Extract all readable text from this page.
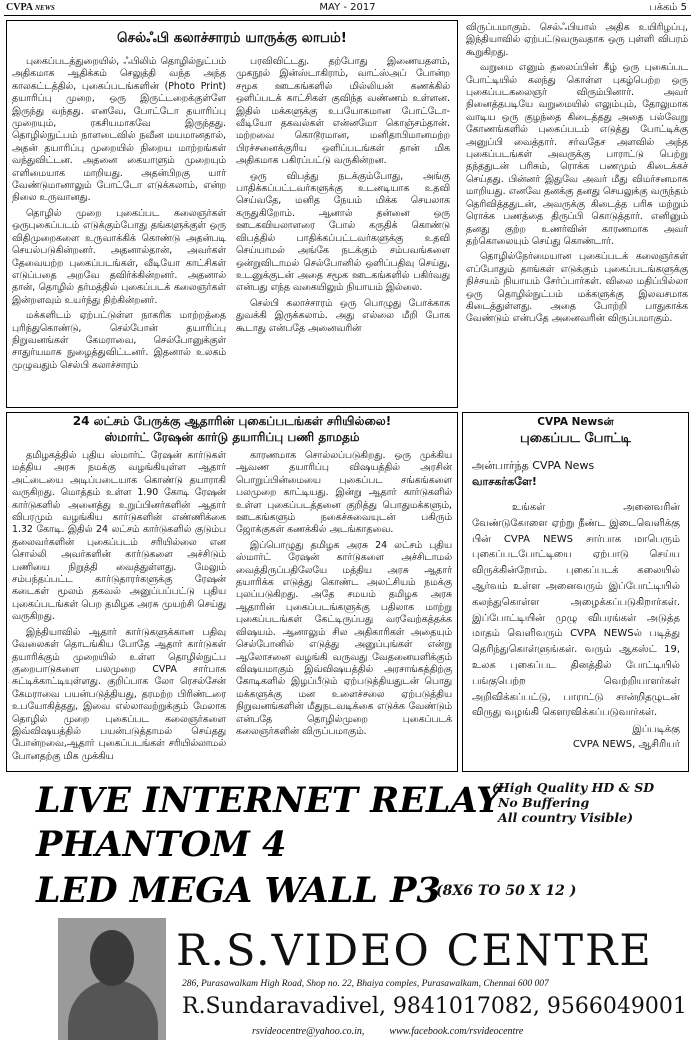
CVPA NEWS	MAY - 2017	பக்கம் 5
செல்ஃபி கலாச்சாரம் யாருக்கு லாபம்!

புகைப்படத்துறையில், ஃபிலிம் தொழில்நுட்பம் அதிகமாக ஆதிக்கம் செலுத்தி வந்த அந்த காலகட்டத்தில், புகைப்படங்களின் (Photo Print) தயாரிப்பு முறை, ஒரு இருட்டறைக்குள்ளே இருந்து வந்தது. எனவே, போட்டோ தயாரிப்பு முறையும், ரகசியமாகவே இருந்தது. தொழில்நுட்பம் நாளடைவில் நவீன மயமானதால், அதன் தயாரிப்பு முறையில் நிறைய மாற்றங்கள் வந்துவிட்டன. அதனை கையாளும் முறையும் எளிமையாக மாறியது. அதன்பிறகு யார் வேண்டுமானாலும் போட்டோ எடுக்கலாம், என்ற நிலை உருவானது.

தொழில் முறை புகைப்பட கலைஞர்கள் ஒருபுகைப்படம் எடுக்கும்போது தங்களுக்குள் ஒரு விதிமுறைகளை உருவாக்கிக் கொண்டு அதன்படி செயல்படுகின்றனர். அதனால்தான், அவர்கள் தேவையற்ற புகைப்படங்கள், வீடியோ காட்சிகள் எடுப்பதை அறவே தவிர்க்கின்றனர். அதனால் தான், தொழில் தர்மத்தில் புகைப்படக் கலைஞர்கள் இன்றளவும் உயர்ந்து நிற்கின்றனர்.

மக்களிடம் ஏற்பட்டுள்ள நாகரிக மாற்றத்தை புரிந்துகொண்டு, செல்போன் தயாரிப்பு நிறுவனங்கள் கேமராவை, செல்போனுக்குள் சாதுர்யமாக நுழைத்துவிட்டனர். இதனால் உலகம் முழுவதும் செல்பி கலாச்சாரம்

பரவிவிட்டது. தற்போது இணையதளம், முகநூல் இன்ஸ்டாகிராம், வாட்ஸ்அப் போன்ற சமூக ஊடகங்களில் மில்லியன் கணக்கில் ஒளிப்படக் காட்சிகள் குவிந்த வண்ணம் உள்ளன. இதில் மக்களுக்கு உபயோகமான போட்டோ-வீடியோ தகவல்கள் என்னமோ கொஞ்சம்தான். மற்றவை கொடூரமான, மனிதாபிமானமற்ற பிரச்சனைக்குரிய ஒளிப்படங்கள் தான் மிக அதிகமாக பகிரப்பட்டு வருகின்றன.

ஒரு விபத்து நடக்கும்போது, அங்கு பாதிக்கப்பட்டவர்களுக்கு உடனடியாக உதவி செய்வதே, மனித நேயம் மிக்க செயலாக கருதுகிறோம். ஆனால் தன்னை ஒரு ஊடகவியலாளரை போல் கருதிக் கொண்டு விபத்தில் பாதிக்கப்பட்டவர்களுக்கு உதவி செய்யாமல் அங்கே நடக்கும் சம்பவங்களை ஒன்றுவிடாமல் செல்போனில் ஒளிப்பதிவு செய்து, உடனுக்குடன் அதை சமூக ஊடகங்களில் பகிர்வது என்பது எந்த வகையிலும் நியாயம் இல்லை.

செல்பி கலாச்சாரம் ஒரு பொழுது போக்காக துவக்கி இருக்கலாம். அது எல்லை மீறி போக கூடாது என்பதே அனைவரின்

விருப்பமாகும். செல்ஃபியால் அதிக உயிரிழப்பு, இந்தியாவில் ஏற்பட்டுவருவதாக ஒரு புள்ளி விபரம் கூறுகிறது.

வறுமை எனும் தலைப்பின் கீழ் ஒரு புகைப்பட போட்டியில் கலந்து கொள்ள புகழ்பெற்ற ஒரு புகைப்படகலைஞர் விரும்பினார். அவர் நினைத்தபடியே வறுமையில் எலும்பும், தோலுமாக வாடிய ஒரு குழந்தை கிடைத்தது அதை பல்வேறு கோணங்களில் புகைப்படம் எடுத்து போட்டிக்கு அனுப்பி வைத்தார். சர்வதேச அளவில் அந்த புகைப்படங்கள் அவருக்கு பாராட்டு பெற்று தந்ததுடன் பரிசும், ரொக்க பணமும் கிடைக்கச் செய்தது. பின்னர் இதுவே அவர் மீது விமர்சனமாக மாறியது. எனவே தனக்கு தனது செயலுக்கு வருந்தம் தெரிவித்ததுடன், அவருக்கு கிடைத்த பரிசு மற்றும் ரொக்க பணத்தை திருப்பி கொடுத்தார். எனினும் தனது குற்ற உணர்வின் காரணமாக அவர் தற்கொலையும் செய்து கொண்டார்.

தொழில்நேர்மையான புகைப்படக் கலைஞர்கள் எப்போதும் தாங்கள் எடுக்கும் புகைப்படங்களுக்கு நிச்சயம் நியாயம் சேர்ப்பார்கள். விலை மதிப்பில்லா ஒரு தொழில்நுட்பம் மக்களுக்கு இலவசமாக கிடைத்துள்ளது. அதை போற்றி பாதுகாக்க வேண்டும் என்பதே அனைவரின் விருப்பமாகும்.

24 லட்சம் பேருக்கு ஆதாரின் புகைப்படங்கள் சரியில்லை!
ஸ்மார்ட் ரேஷன் கார்டு தயாரிப்பு பணி தாமதம்

தமிழகத்தில் புதிய ஸ்மார்ட் ரேஷன் கார்டுகள் மத்திய அரசு நமக்கு வழங்கியுள்ள ஆதார் அட்டையை அடிப்படையாக கொண்டு தயாராகி வருகிறது. மொத்தம் உள்ள 1.90 கோடி ரேஷன் கார்டுகளில் அனைத்து உறுப்பினர்களின் ஆதார் விபரமும் வழங்கிய கார்டுகளின் எண்ணிக்கை 1.32 கோடி. இதில் 24 லட்சம் கார்டுகளில் குடும்ப தலைவர்களின் புகைப்படம் சரியில்லை என சொல்லி அவர்களின் கார்டுகளை அச்சிடும் பணியை நிறுத்தி வைத்துள்ளது. மேலும் சம்பந்தப்பட்ட கார்டுதாரர்களுக்கு ரேஷன் கடைகள் மூலம் தகவல் அனுப்பப்பட்டு புதிய புகைப்படங்கள் பெற தமிழக அரசு முயற்சி செய்து வருகிறது.

இந்தியாவில் ஆதார் கார்டுகளுக்கான பதிவு வேலைகள் தொடங்கிய போதே ஆதார் கார்டுகள் தயாரிக்கும் முறையில் உள்ள தொழில்நுட்ப குறைபாடுகளை பலமுறை CVPA சார்பாக சுட்டிக்காட்டியுள்ளது. குறிப்பாக லோ ரெசல்சேன் கேமராவை பயன்படுத்தியது, தரமற்ற பிரிண்டரை உபயோகித்தது, இவை எல்லாவற்றுக்கும் மேலாக தொழில் முறை புகைப்பட கலைஞர்களை இவ்விஷயத்தில் பயன்படுத்தாமல் செய்தது போன்றவை,ஆதார் புகைப்படங்கள் சரியில்லாமல் போனதற்கு மிக முக்கிய

காரணமாக சொல்லப்படுகிறது. ஒரு முக்கிய ஆவண தயாரிப்பு விஷயத்தில் அரசின் பொறுப்பின்மையை புகைப்பட சங்கங்களை பலமுறை காட்டியது. இன்று ஆதார் கார்டுகளில் உள்ள புகைப்படத்தனை குறித்து பொதுமக்களும், ஊடகங்களும் நகைச்சுவையுடன் பகிரும் ஜோக்குகள் கணக்கில் அடங்காதவை.

இப்பொழுது தமிழக அரசு 24 லட்சம் புதிய ஸ்மார்ட் ரேஷன் கார்டுகளை அச்சிடாமல் வைத்திருப்பதிலேயே மத்திய அரசு ஆதார் தயாரிக்க எடுத்து கொண்ட அலட்சியம் நமக்கு புலப்படுகிறது. அதே சமயம் தமிழக அரசு ஆதாரின் புகைப்படங்களுக்கு பதிலாக மாற்று புகைப்படங்கள் கேட்டிருப்பது வரவேற்கத்தக்க விஷயம். ஆனாலும் சில அதிகாரிகள் அதையும் செல்போனில் எடுத்து அனுப்புங்கள் என்று ஆலோசனை வழங்கி வருவது வேதனையளிக்கும் விஷயமாகும் இவ்விஷயத்தில் அரசாங்கத்திற்கு கோடிகளில் இழப்பீடும் ஏற்படுத்தியதுடன் பொது மக்களுக்கு மன உளைச்சலை ஏற்படுத்திய நிறுவனங்களின் மீதுநடவடிக்கை எடுக்க வேண்டும் என்பதே தொழில்முறை புகைப்படக் கலைஞர்களின் விருப்பமாகும்.

CVPA Newsன்
புகைப்பட போட்டி
அன்பார்ந்த CVPA News
வாசகர்களே!

உங்கள் அனைவரின் வேண்டுகோளை ஏற்று நீண்ட இடைவெளிக்கு பின் CVPA NEWS சார்பாக மாபெரும் புகைப்படபோட்டியை ஏற்பாடு செய்ய விருக்கின்றோம். புகைப்படக் கலையில் ஆர்வம் உள்ள அனைவரும் இப்போட்டியில் கலந்துகொள்ள அழைக்கப்படுகிறார்கள். இப்போட்டியின் முழு விபரங்கள் அடுத்த மாதம் வெளிவரும் CVPA NEWSல் படித்து தெரிந்துகொள்ளுங்கள். வரும் ஆகஸ்ட் 19, உலக புகைப்பட தினத்தில் போட்டியில் பங்குபெற்ற வெற்றியாளர்கள் அறிவிக்கப்பட்டு, பாராட்டு சான்றிதழுடன் விருது வழங்கி கௌரவிக்கப்படுவார்கள்.

இப்படிக்கு
CVPA NEWS, ஆசிரியர்
LIVE INTERNET RELAY
(High Quality HD & SD
No Buffering
All country Visible)
PHANTOM 4
LED MEGA WALL P3
(8X6 TO 50 X 12 )
R.S.VIDEO CENTRE
286, Purasawalkam High Road, Shop no. 22, Bhaiya comples, Purasawalkam, Chennai 600 007
R.Sundaravadivel, 9841017082, 9566049001
rsvideocentre@yahoo.co.in,	www.facebook.com/rsvideocentre
